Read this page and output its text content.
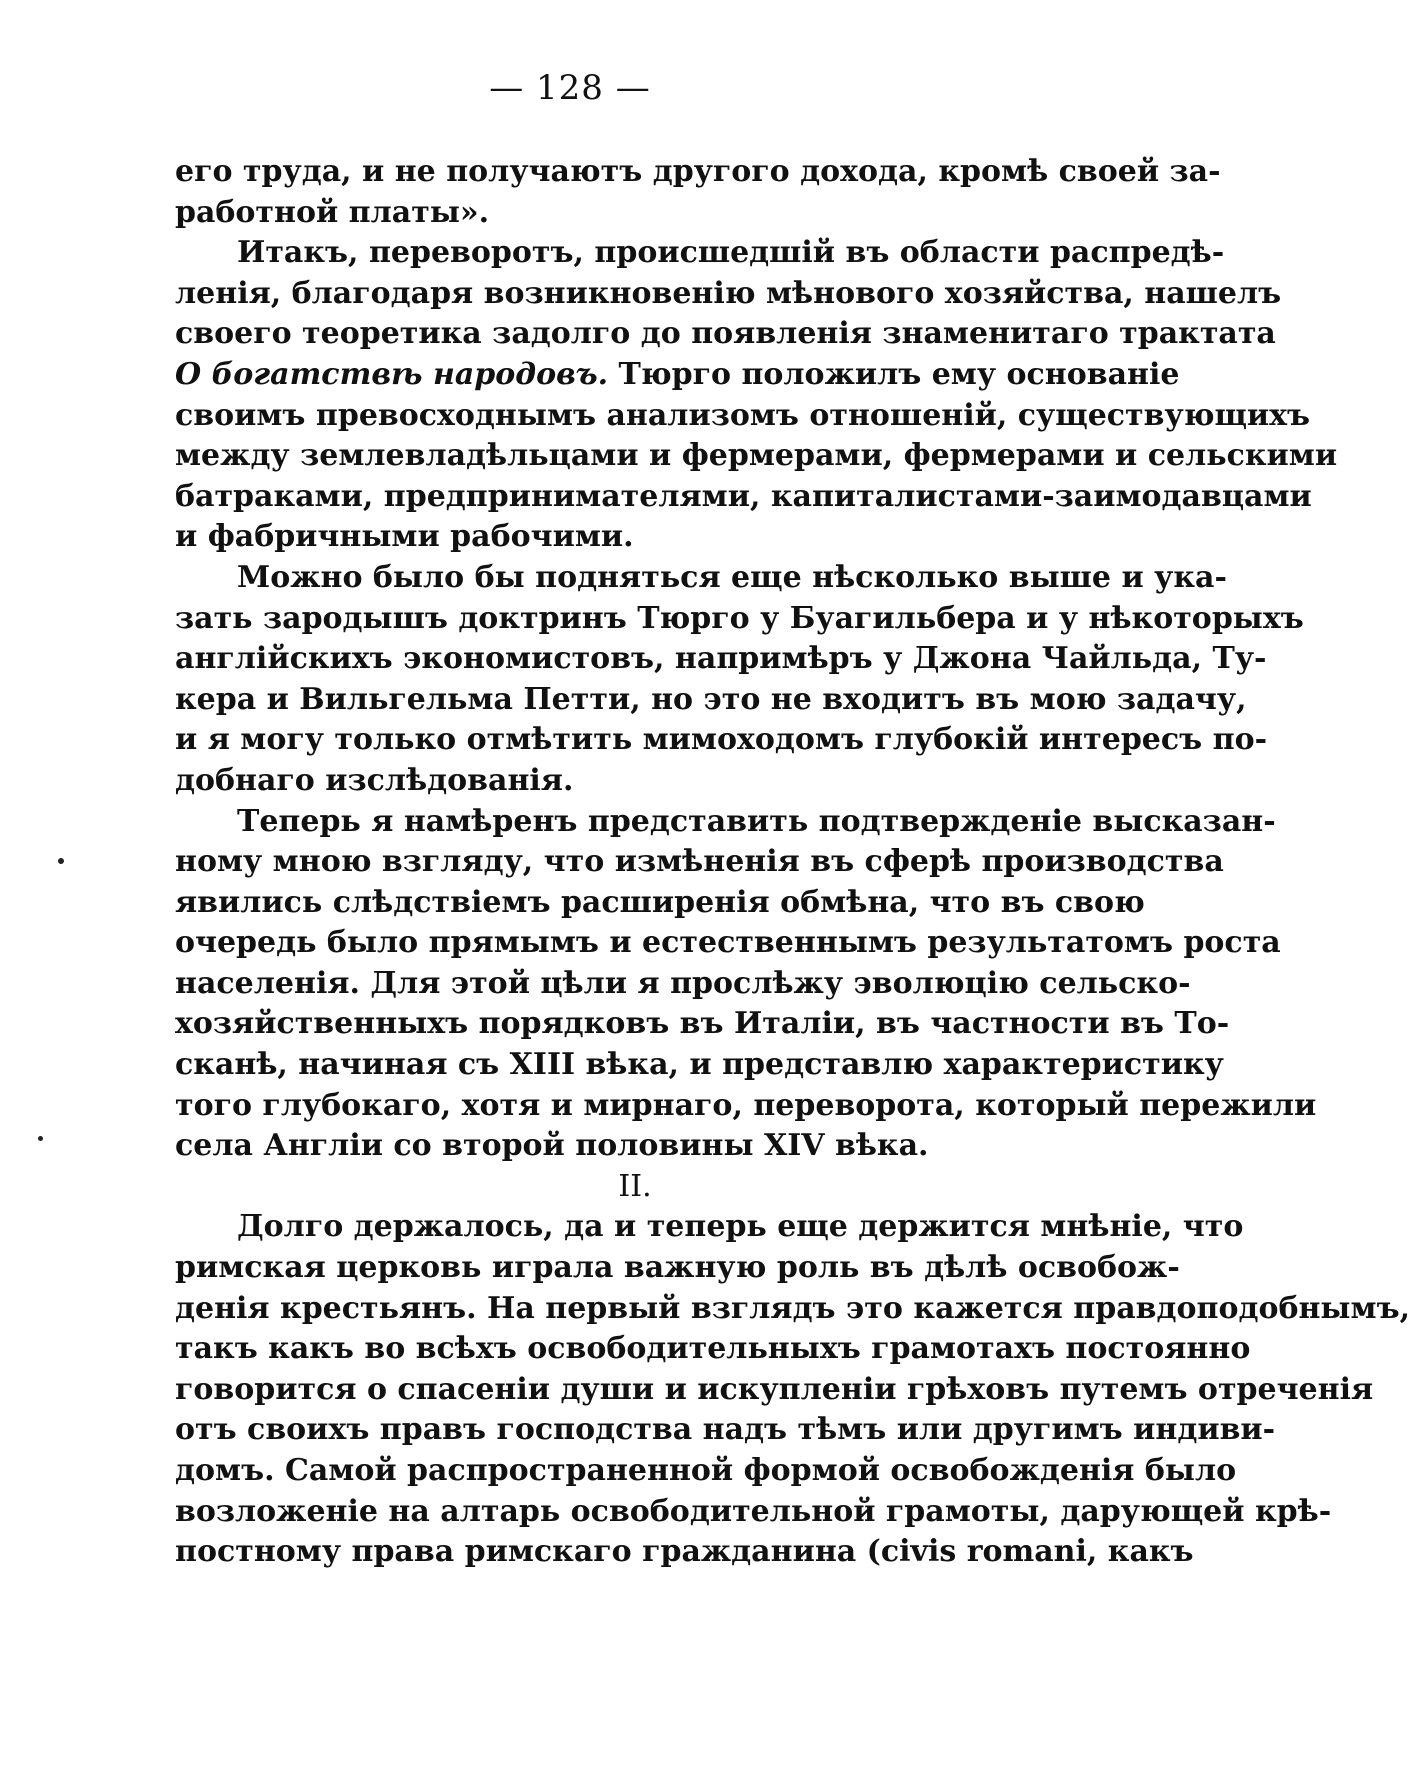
— 128 —
его труда, и не получаютъ другого дохода, кромѣ своей за-
работной платы».
Итакъ, переворотъ, происшедшій въ области распредѣ-
ленія, благодаря возникновенію мѣнового хозяйства, нашелъ
своего теоретика задолго до появленія знаменитаго трактата
О богатствѣ народовъ. Тюрго положилъ ему основаніе
своимъ превосходнымъ анализомъ отношеній, существующихъ
между землевладѣльцами и фермерами, фермерами и сельскими
батраками, предпринимателями, капиталистами-заимодавцами
и фабричными рабочими.
Можно было бы подняться еще нѣсколько выше и ука-
зать зародышъ доктринъ Тюрго у Буагильбера и у нѣкоторыхъ
англійскихъ экономистовъ, напримѣръ у Джона Чайльда, Ту-
кера и Вильгельма Петти, но это не входитъ въ мою задачу,
и я могу только отмѣтить мимоходомъ глубокій интересъ по-
добнаго изслѣдованія.
Теперь я намѣренъ представить подтвержденіе высказан-
ному мною взгляду, что измѣненія въ сферѣ производства
явились слѣдствіемъ расширенія обмѣна, что въ свою
очередь было прямымъ и естественнымъ результатомъ роста
населенія. Для этой цѣли я прослѣжу эволюцію сельско-
хозяйственныхъ порядковъ въ Италіи, въ частности въ То-
сканѣ, начиная съ XIII вѣка, и представлю характеристику
того глубокаго, хотя и мирнаго, переворота, который пережили
села Англіи со второй половины XIV вѣка.
II.
Долго держалось, да и теперь еще держится мнѣніе, что
римская церковь играла важную роль въ дѣлѣ освобож-
денія крестьянъ. На первый взглядъ это кажется правдоподобнымъ,
такъ какъ во всѣхъ освободительныхъ грамотахъ постоянно
говорится о спасеніи души и искупленіи грѣховъ путемъ отреченія
отъ своихъ правъ господства надъ тѣмъ или другимъ индиви-
домъ. Самой распространенной формой освобожденія было
возложеніе на алтарь освободительной грамоты, дарующей крѣ-
постному права римскаго гражданина (civis romani, какъ
